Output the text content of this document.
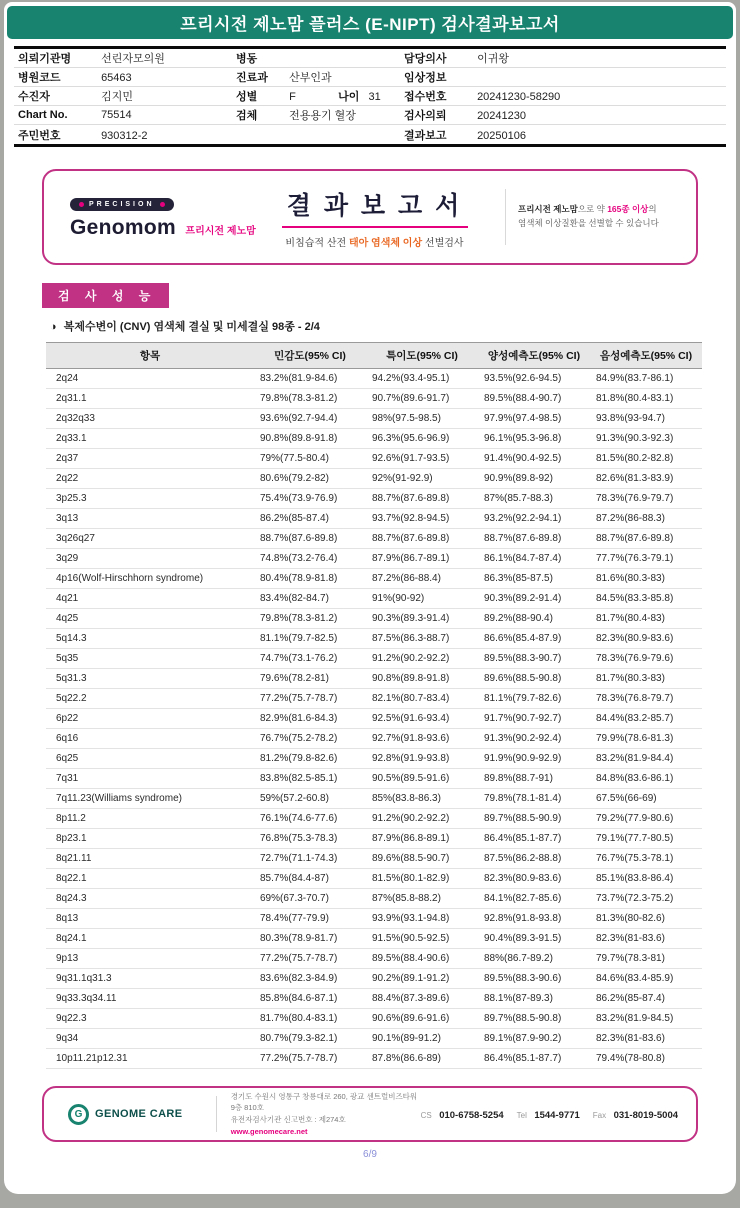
프리시전 제노맘 플러스 (E-NIPT) 검사결과보고서
의뢰기관명	선린자모의원	병동	담당의사	이귀왕
병원코드	65463	진료과 산부인과	임상정보
수진자	김지민	성별	F	나이 31	접수번호	20241230-58290
Chart No.	75514	검체	전용용기 혈장	검사의뢰	20241230
주민번호	930312-2	결과보고	20250106
PRECISION
Genomom 프리시전 제노맘
결 과 보 고 서
비침습적 산전 태아 염색체 이상 선별검사
프리시전 제노맘으로 약 165종 이상의
염색체 이상질환을 선별할 수 있습니다
검 사 성 능
◑ 복제수변이 (CNV) 염색체 결실 및 미세결실 98종 - 2/4
항목	민감도(95% CI)	특이도(95% CI)	양성예측도(95% CI)	음성예측도(95% CI)
2q24	83.2%(81.9-84.6)	94.2%(93.4-95.1)	93.5%(92.6-94.5)	84.9%(83.7-86.1)
2q31.1	79.8%(78.3-81.2)	90.7%(89.6-91.7)	89.5%(88.4-90.7)	81.8%(80.4-83.1)
2q32q33	93.6%(92.7-94.4)	98%(97.5-98.5)	97.9%(97.4-98.5)	93.8%(93-94.7)
2q33.1	90.8%(89.8-91.8)	96.3%(95.6-96.9)	96.1%(95.3-96.8)	91.3%(90.3-92.3)
2q37	79%(77.5-80.4)	92.6%(91.7-93.5)	91.4%(90.4-92.5)	81.5%(80.2-82.8)
2q22	80.6%(79.2-82)	92%(91-92.9)	90.9%(89.8-92)	82.6%(81.3-83.9)
3p25.3	75.4%(73.9-76.9)	88.7%(87.6-89.8)	87%(85.7-88.3)	78.3%(76.9-79.7)
3q13	86.2%(85-87.4)	93.7%(92.8-94.5)	93.2%(92.2-94.1)	87.2%(86-88.3)
3q26q27	88.7%(87.6-89.8)	88.7%(87.6-89.8)	88.7%(87.6-89.8)	88.7%(87.6-89.8)
3q29	74.8%(73.2-76.4)	87.9%(86.7-89.1)	86.1%(84.7-87.4)	77.7%(76.3-79.1)
4p16(Wolf-Hirschhorn syndrome)	80.4%(78.9-81.8)	87.2%(86-88.4)	86.3%(85-87.5)	81.6%(80.3-83)
4q21	83.4%(82-84.7)	91%(90-92)	90.3%(89.2-91.4)	84.5%(83.3-85.8)
4q25	79.8%(78.3-81.2)	90.3%(89.3-91.4)	89.2%(88-90.4)	81.7%(80.4-83)
5q14.3	81.1%(79.7-82.5)	87.5%(86.3-88.7)	86.6%(85.4-87.9)	82.3%(80.9-83.6)
5q35	74.7%(73.1-76.2)	91.2%(90.2-92.2)	89.5%(88.3-90.7)	78.3%(76.9-79.6)
5q31.3	79.6%(78.2-81)	90.8%(89.8-91.8)	89.6%(88.5-90.8)	81.7%(80.3-83)
5q22.2	77.2%(75.7-78.7)	82.1%(80.7-83.4)	81.1%(79.7-82.6)	78.3%(76.8-79.7)
6p22	82.9%(81.6-84.3)	92.5%(91.6-93.4)	91.7%(90.7-92.7)	84.4%(83.2-85.7)
6q16	76.7%(75.2-78.2)	92.7%(91.8-93.6)	91.3%(90.2-92.4)	79.9%(78.6-81.3)
6q25	81.2%(79.8-82.6)	92.8%(91.9-93.8)	91.9%(90.9-92.9)	83.2%(81.9-84.4)
7q31	83.8%(82.5-85.1)	90.5%(89.5-91.6)	89.8%(88.7-91)	84.8%(83.6-86.1)
7q11.23(Williams syndrome)	59%(57.2-60.8)	85%(83.8-86.3)	79.8%(78.1-81.4)	67.5%(66-69)
8p11.2	76.1%(74.6-77.6)	91.2%(90.2-92.2)	89.7%(88.5-90.9)	79.2%(77.9-80.6)
8p23.1	76.8%(75.3-78.3)	87.9%(86.8-89.1)	86.4%(85.1-87.7)	79.1%(77.7-80.5)
8q21.11	72.7%(71.1-74.3)	89.6%(88.5-90.7)	87.5%(86.2-88.8)	76.7%(75.3-78.1)
8q22.1	85.7%(84.4-87)	81.5%(80.1-82.9)	82.3%(80.9-83.6)	85.1%(83.8-86.4)
8q24.3	69%(67.3-70.7)	87%(85.8-88.2)	84.1%(82.7-85.6)	73.7%(72.3-75.2)
8q13	78.4%(77-79.9)	93.9%(93.1-94.8)	92.8%(91.8-93.8)	81.3%(80-82.6)
8q24.1	80.3%(78.9-81.7)	91.5%(90.5-92.5)	90.4%(89.3-91.5)	82.3%(81-83.6)
9p13	77.2%(75.7-78.7)	89.5%(88.4-90.6)	88%(86.7-89.2)	79.7%(78.3-81)
9q31.1q31.3	83.6%(82.3-84.9)	90.2%(89.1-91.2)	89.5%(88.3-90.6)	84.6%(83.4-85.9)
9q33.3q34.11	85.8%(84.6-87.1)	88.4%(87.3-89.6)	88.1%(87-89.3)	86.2%(85-87.4)
9q22.3	81.7%(80.4-83.1)	90.6%(89.6-91.6)	89.7%(88.5-90.8)	83.2%(81.9-84.5)
9q34	80.7%(79.3-82.1)	90.1%(89-91.2)	89.1%(87.9-90.2)	82.3%(81-83.6)
10p11.21p12.31	77.2%(75.7-78.7)	87.8%(86.6-89)	86.4%(85.1-87.7)	79.4%(78-80.8)
G GENOME CARE
경기도 수원시 영통구 창룡대로 260, 광교 센트럴비즈타워 9층 810호
유전자검사기관 신고번호 : 제274호
www.genomecare.net
CS 010-6758-5254 Tel 1544-9771 Fax 031-8019-5004
6/9
